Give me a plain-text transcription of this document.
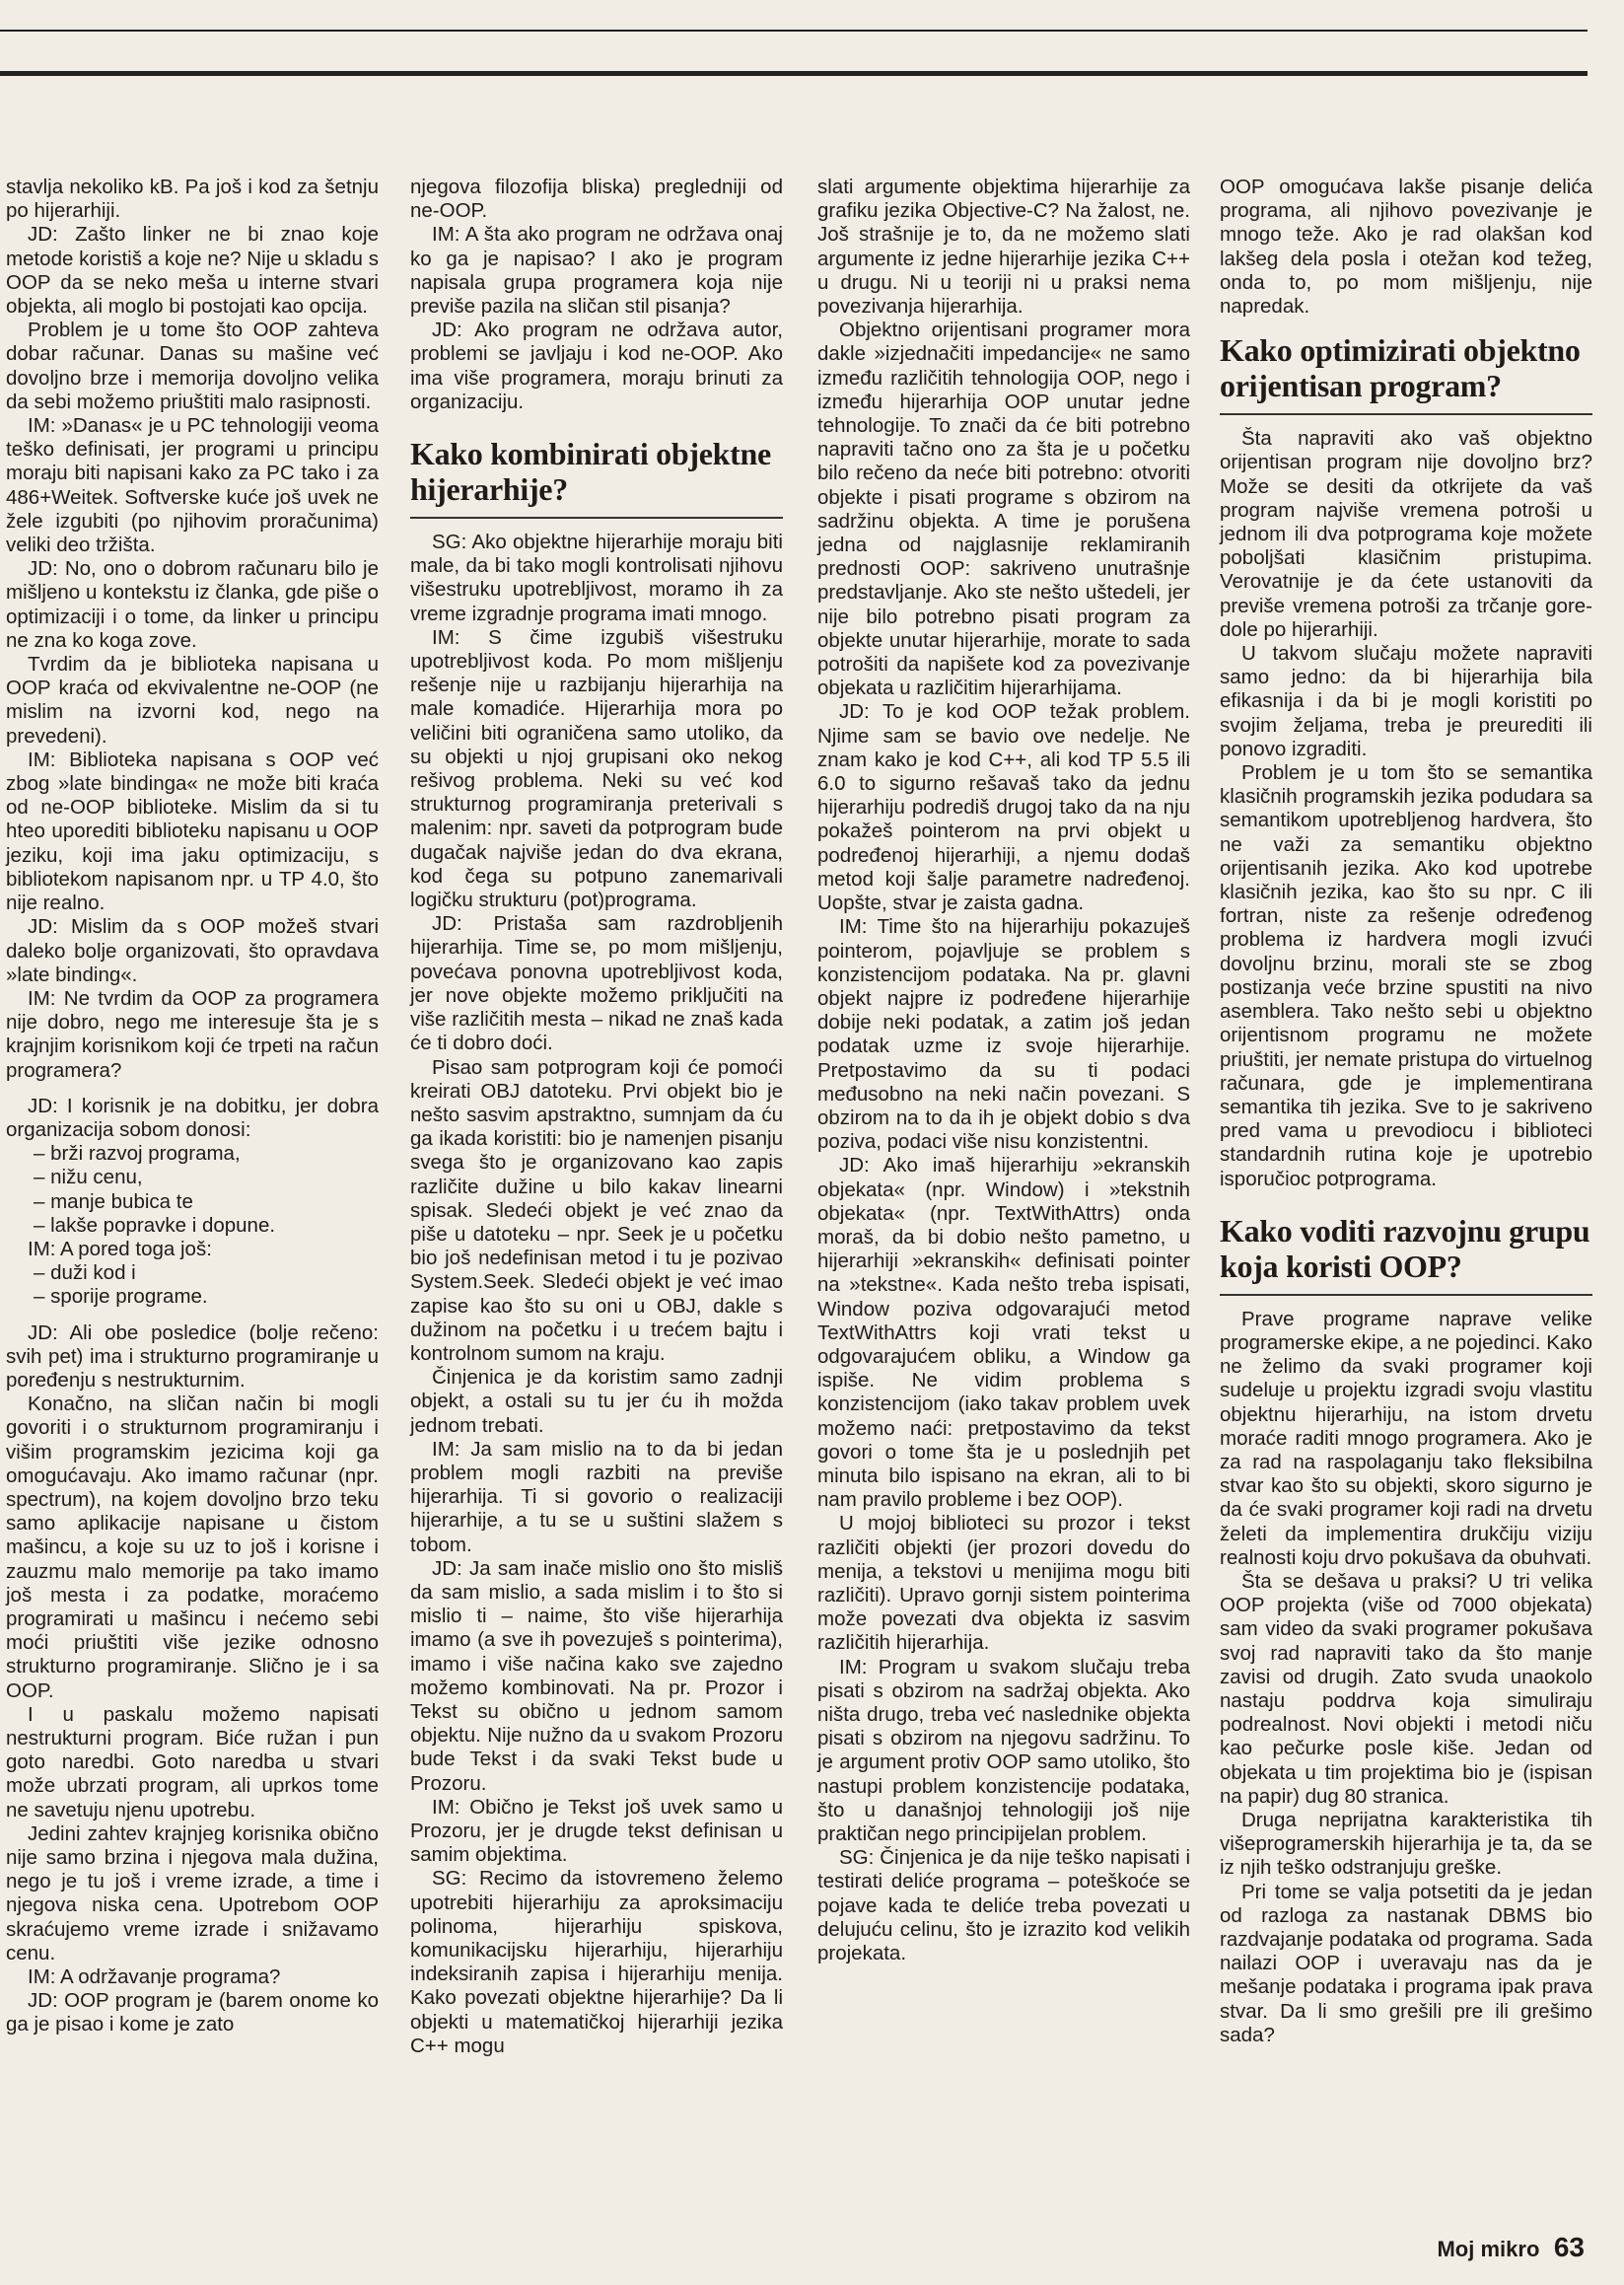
stavlja nekoliko kB. Pa još i kod za šetnju po hijerarhiji.

JD: Zašto linker ne bi znao koje metode koristiš a koje ne? Nije u skladu s OOP da se neko meša u interne stvari objekta, ali moglo bi postojati kao opcija.

Problem je u tome što OOP zahteva dobar računar. Danas su mašine već dovoljno brze i memorija dovoljno velika da sebi možemo priuštiti malo rasipnosti.

IM: »Danas« je u PC tehnologiji veoma teško definisati, jer programi u principu moraju biti napisani kako za PC tako i za 486+Weitek. Softverske kuće još uvek ne žele izgubiti (po njihovim proračunima) veliki deo tržišta.

JD: No, ono o dobrom računaru bilo je mišljeno u kontekstu iz članka, gde piše o optimizaciji i o tome, da linker u principu ne zna ko koga zove.

Tvrdim da je biblioteka napisana u OOP kraća od ekvivalentne ne-OOP (ne mislim na izvorni kod, nego na prevedeni).

IM: Biblioteka napisana s OOP već zbog »late bindinga« ne može biti kraća od ne-OOP biblioteke. Mislim da si tu hteo uporediti biblioteku napisanu u OOP jeziku, koji ima jaku optimizaciju, s bibliotekom napisanom npr. u TP 4.0, što nije realno.

JD: Mislim da s OOP možeš stvari daleko bolje organizovati, što opravdava »late binding«.

IM: Ne tvrdim da OOP za programera nije dobro, nego me interesuje šta je s krajnjim korisnikom koji će trpeti na račun programera?

JD: I korisnik je na dobitku, jer dobra organizacija sobom donosi:

– brži razvoj programa,
– nižu cenu,
– manje bubica te
– lakše popravke i dopune.

IM: A pored toga još:

– duži kod i
– sporije programe.

JD: Ali obe posledice (bolje rečeno: svih pet) ima i strukturno programiranje u poređenju s nestrukturnim.

Konačno, na sličan način bi mogli govoriti i o strukturnom programiranju i višim programskim jezicima koji ga omogućavaju. Ako imamo računar (npr. spectrum), na kojem dovoljno brzo teku samo aplikacije napisane u čistom mašincu, a koje su uz to još i korisne i zauzmu malo memorije pa tako imamo još mesta i za podatke, moraćemo programirati u mašincu i nećemo sebi moći priuštiti više jezike odnosno strukturno programiranje. Slično je i sa OOP.

I u paskalu možemo napisati nestrukturni program. Biće ružan i pun goto naredbi. Goto naredba u stvari može ubrzati program, ali uprkos tome ne savetuju njenu upotrebu.

Jedini zahtev krajnjeg korisnika obično nije samo brzina i njegova mala dužina, nego je tu još i vreme izrade, a time i njegova niska cena. Upotrebom OOP skraćujemo vreme izrade i snižavamo cenu.

IM: A održavanje programa?

JD: OOP program je (barem onome ko ga je pisao i kome je zato

njegova filozofija bliska) pregledniji od ne-OOP.

IM: A šta ako program ne održava onaj ko ga je napisao? I ako je program napisala grupa programera koja nije previše pazila na sličan stil pisanja?

JD: Ako program ne održava autor, problemi se javljaju i kod ne-OOP. Ako ima više programera, moraju brinuti za organizaciju.

Kako kombinirati objektne hijerarhije?

SG: Ako objektne hijerarhije moraju biti male, da bi tako mogli kontrolisati njihovu višestruku upotrebljivost, moramo ih za vreme izgradnje programa imati mnogo.

IM: S čime izgubiš višestruku upotrebljivost koda. Po mom mišljenju rešenje nije u razbijanju hijerarhija na male komadiće. Hijerarhija mora po veličini biti ograničena samo utoliko, da su objekti u njoj grupisani oko nekog rešivog problema. Neki su već kod strukturnog programiranja preterivali s malenim: npr. saveti da potprogram bude dugačak najviše jedan do dva ekrana, kod čega su potpuno zanemarivali logičku strukturu (pot)programa.

JD: Pristaša sam razdrobljenih hijerarhija. Time se, po mom mišljenju, povećava ponovna upotrebljivost koda, jer nove objekte možemo priključiti na više različitih mesta – nikad ne znaš kada će ti dobro doći.

Pisao sam potprogram koji će pomoći kreirati OBJ datoteku. Prvi objekt bio je nešto sasvim apstraktno, sumnjam da ću ga ikada koristiti: bio je namenjen pisanju svega što je organizovano kao zapis različite dužine u bilo kakav linearni spisak. Sledeći objekt je već znao da piše u datoteku – npr. Seek je u početku bio još nedefinisan metod i tu je pozivao System.Seek. Sledeći objekt je već imao zapise kao što su oni u OBJ, dakle s dužinom na početku i u trećem bajtu i kontrolnom sumom na kraju.

Činjenica je da koristim samo zadnji objekt, a ostali su tu jer ću ih možda jednom trebati.

IM: Ja sam mislio na to da bi jedan problem mogli razbiti na previše hijerarhija. Ti si govorio o realizaciji hijerarhije, a tu se u suštini slažem s tobom.

JD: Ja sam inače mislio ono što misliš da sam mislio, a sada mislim i to što si mislio ti – naime, što više hijerarhija imamo (a sve ih povezuješ s pointerima), imamo i više načina kako sve zajedno možemo kombinovati. Na pr. Prozor i Tekst su obično u jednom samom objektu. Nije nužno da u svakom Prozoru bude Tekst i da svaki Tekst bude u Prozoru.

IM: Obično je Tekst još uvek samo u Prozoru, jer je drugde tekst definisan u samim objektima.

SG: Recimo da istovremeno želemo upotrebiti hijerarhiju za aproksimaciju polinoma, hijerarhiju spiskova, komunikacijsku hijerarhiju, hijerarhiju indeksiranih zapisa i hijerarhiju menija. Kako povezati objektne hijerarhije? Da li objekti u matematičkoj hijerarhiji jezika C++ mogu

slati argumente objektima hijerarhije za grafiku jezika Objective-C? Na žalost, ne. Još strašnije je to, da ne možemo slati argumente iz jedne hijerarhije jezika C++ u drugu. Ni u teoriji ni u praksi nema povezivanja hijerarhija.

Objektno orijentisani programer mora dakle »izjednačiti impedancije« ne samo između različitih tehnologija OOP, nego i između hijerarhija OOP unutar jedne tehnologije. To znači da će biti potrebno napraviti tačno ono za šta je u početku bilo rečeno da neće biti potrebno: otvoriti objekte i pisati programe s obzirom na sadržinu objekta. A time je porušena jedna od najglasnije reklamiranih prednosti OOP: sakriveno unutrašnje predstavljanje. Ako ste nešto uštedeli, jer nije bilo potrebno pisati program za objekte unutar hijerarhije, morate to sada potrošiti da napišete kod za povezivanje objekata u različitim hijerarhijama.

JD: To je kod OOP težak problem. Njime sam se bavio ove nedelje. Ne znam kako je kod C++, ali kod TP 5.5 ili 6.0 to sigurno rešavaš tako da jednu hijerarhiju podrediš drugoj tako da na nju pokažeš pointerom na prvi objekt u podređenoj hijerarhiji, a njemu dodaš metod koji šalje parametre nadređenoj. Uopšte, stvar je zaista gadna.

IM: Time što na hijerarhiju pokazuješ pointerom, pojavljuje se problem s konzistencijom podataka. Na pr. glavni objekt najpre iz podređene hijerarhije dobije neki podatak, a zatim još jedan podatak uzme iz svoje hijerarhije. Pretpostavimo da su ti podaci međusobno na neki način povezani. S obzirom na to da ih je objekt dobio s dva poziva, podaci više nisu konzistentni.

JD: Ako imaš hijerarhiju »ekranskih objekata« (npr. Window) i »tekstnih objekata« (npr. TextWithAttrs) onda moraš, da bi dobio nešto pametno, u hijerarhiji »ekranskih« definisati pointer na »tekstne«. Kada nešto treba ispisati, Window poziva odgovarajući metod TextWithAttrs koji vrati tekst u odgovarajućem obliku, a Window ga ispiše. Ne vidim problema s konzistencijom (iako takav problem uvek možemo naći: pretpostavimo da tekst govori o tome šta je u poslednjih pet minuta bilo ispisano na ekran, ali to bi nam pravilo probleme i bez OOP).

U mojoj biblioteci su prozor i tekst različiti objekti (jer prozori dovedu do menija, a tekstovi u menijima mogu biti različiti). Upravo gornji sistem pointerima može povezati dva objekta iz sasvim različitih hijerarhija.

IM: Program u svakom slučaju treba pisati s obzirom na sadržaj objekta. Ako ništa drugo, treba već naslednike objekta pisati s obzirom na njegovu sadržinu. To je argument protiv OOP samo utoliko, što nastupi problem konzistencije podataka, što u današnjoj tehnologiji još nije praktičan nego principijelan problem.

SG: Činjenica je da nije teško napisati i testirati deliće programa – poteškoće se pojave kada te deliće treba povezati u delujuću celinu, što je izrazito kod velikih projekata.

OOP omogućava lakše pisanje delića programa, ali njihovo povezivanje je mnogo teže. Ako je rad olakšan kod lakšeg dela posla i otežan kod težeg, onda to, po mom mišljenju, nije napredak.

Kako optimizirati objektno orijentisan program?

Šta napraviti ako vaš objektno orijentisan program nije dovoljno brz? Može se desiti da otkrijete da vaš program najviše vremena potroši u jednom ili dva potprograma koje možete poboljšati klasičnim pristupima. Verovatnije je da ćete ustanoviti da previše vremena potroši za trčanje gore-dole po hijerarhiji.

U takvom slučaju možete napraviti samo jedno: da bi hijerarhija bila efikasnija i da bi je mogli koristiti po svojim željama, treba je preurediti ili ponovo izgraditi.

Problem je u tom što se semantika klasičnih programskih jezika podudara sa semantikom upotrebljenog hardvera, što ne važi za semantiku objektno orijentisanih jezika. Ako kod upotrebe klasičnih jezika, kao što su npr. C ili fortran, niste za rešenje određenog problema iz hardvera mogli izvući dovoljnu brzinu, morali ste se zbog postizanja veće brzine spustiti na nivo asemblera. Tako nešto sebi u objektno orijentisnom programu ne možete priuštiti, jer nemate pristupa do virtuelnog računara, gde je implementirana semantika tih jezika. Sve to je sakriveno pred vama u prevodiocu i biblioteci standardnih rutina koje je upotrebio isporučioc potprograma.

Kako voditi razvojnu grupu koja koristi OOP?

Prave programe naprave velike programerske ekipe, a ne pojedinci. Kako ne želimo da svaki programer koji sudeluje u projektu izgradi svoju vlastitu objektnu hijerarhiju, na istom drvetu moraće raditi mnogo programera. Ako je za rad na raspolaganju tako fleksibilna stvar kao što su objekti, skoro sigurno je da će svaki programer koji radi na drvetu želeti da implementira drukčiju viziju realnosti koju drvo pokušava da obuhvati.

Šta se dešava u praksi? U tri velika OOP projekta (više od 7000 objekata) sam video da svaki programer pokušava svoj rad napraviti tako da što manje zavisi od drugih. Zato svuda unaokolo nastaju poddrva koja simuliraju podrealnost. Novi objekti i metodi niču kao pečurke posle kiše. Jedan od objekata u tim projektima bio je (ispisan na papir) dug 80 stranica.

Druga neprijatna karakteristika tih višeprogramerskih hijerarhija je ta, da se iz njih teško odstranjuju greške.

Pri tome se valja potsetiti da je jedan od razloga za nastanak DBMS bio razdvajanje podataka od programa. Sada nailazi OOP i uveravaju nas da je mešanje podataka i programa ipak prava stvar. Da li smo grešili pre ili grešimo sada?

Moj mikro 63
